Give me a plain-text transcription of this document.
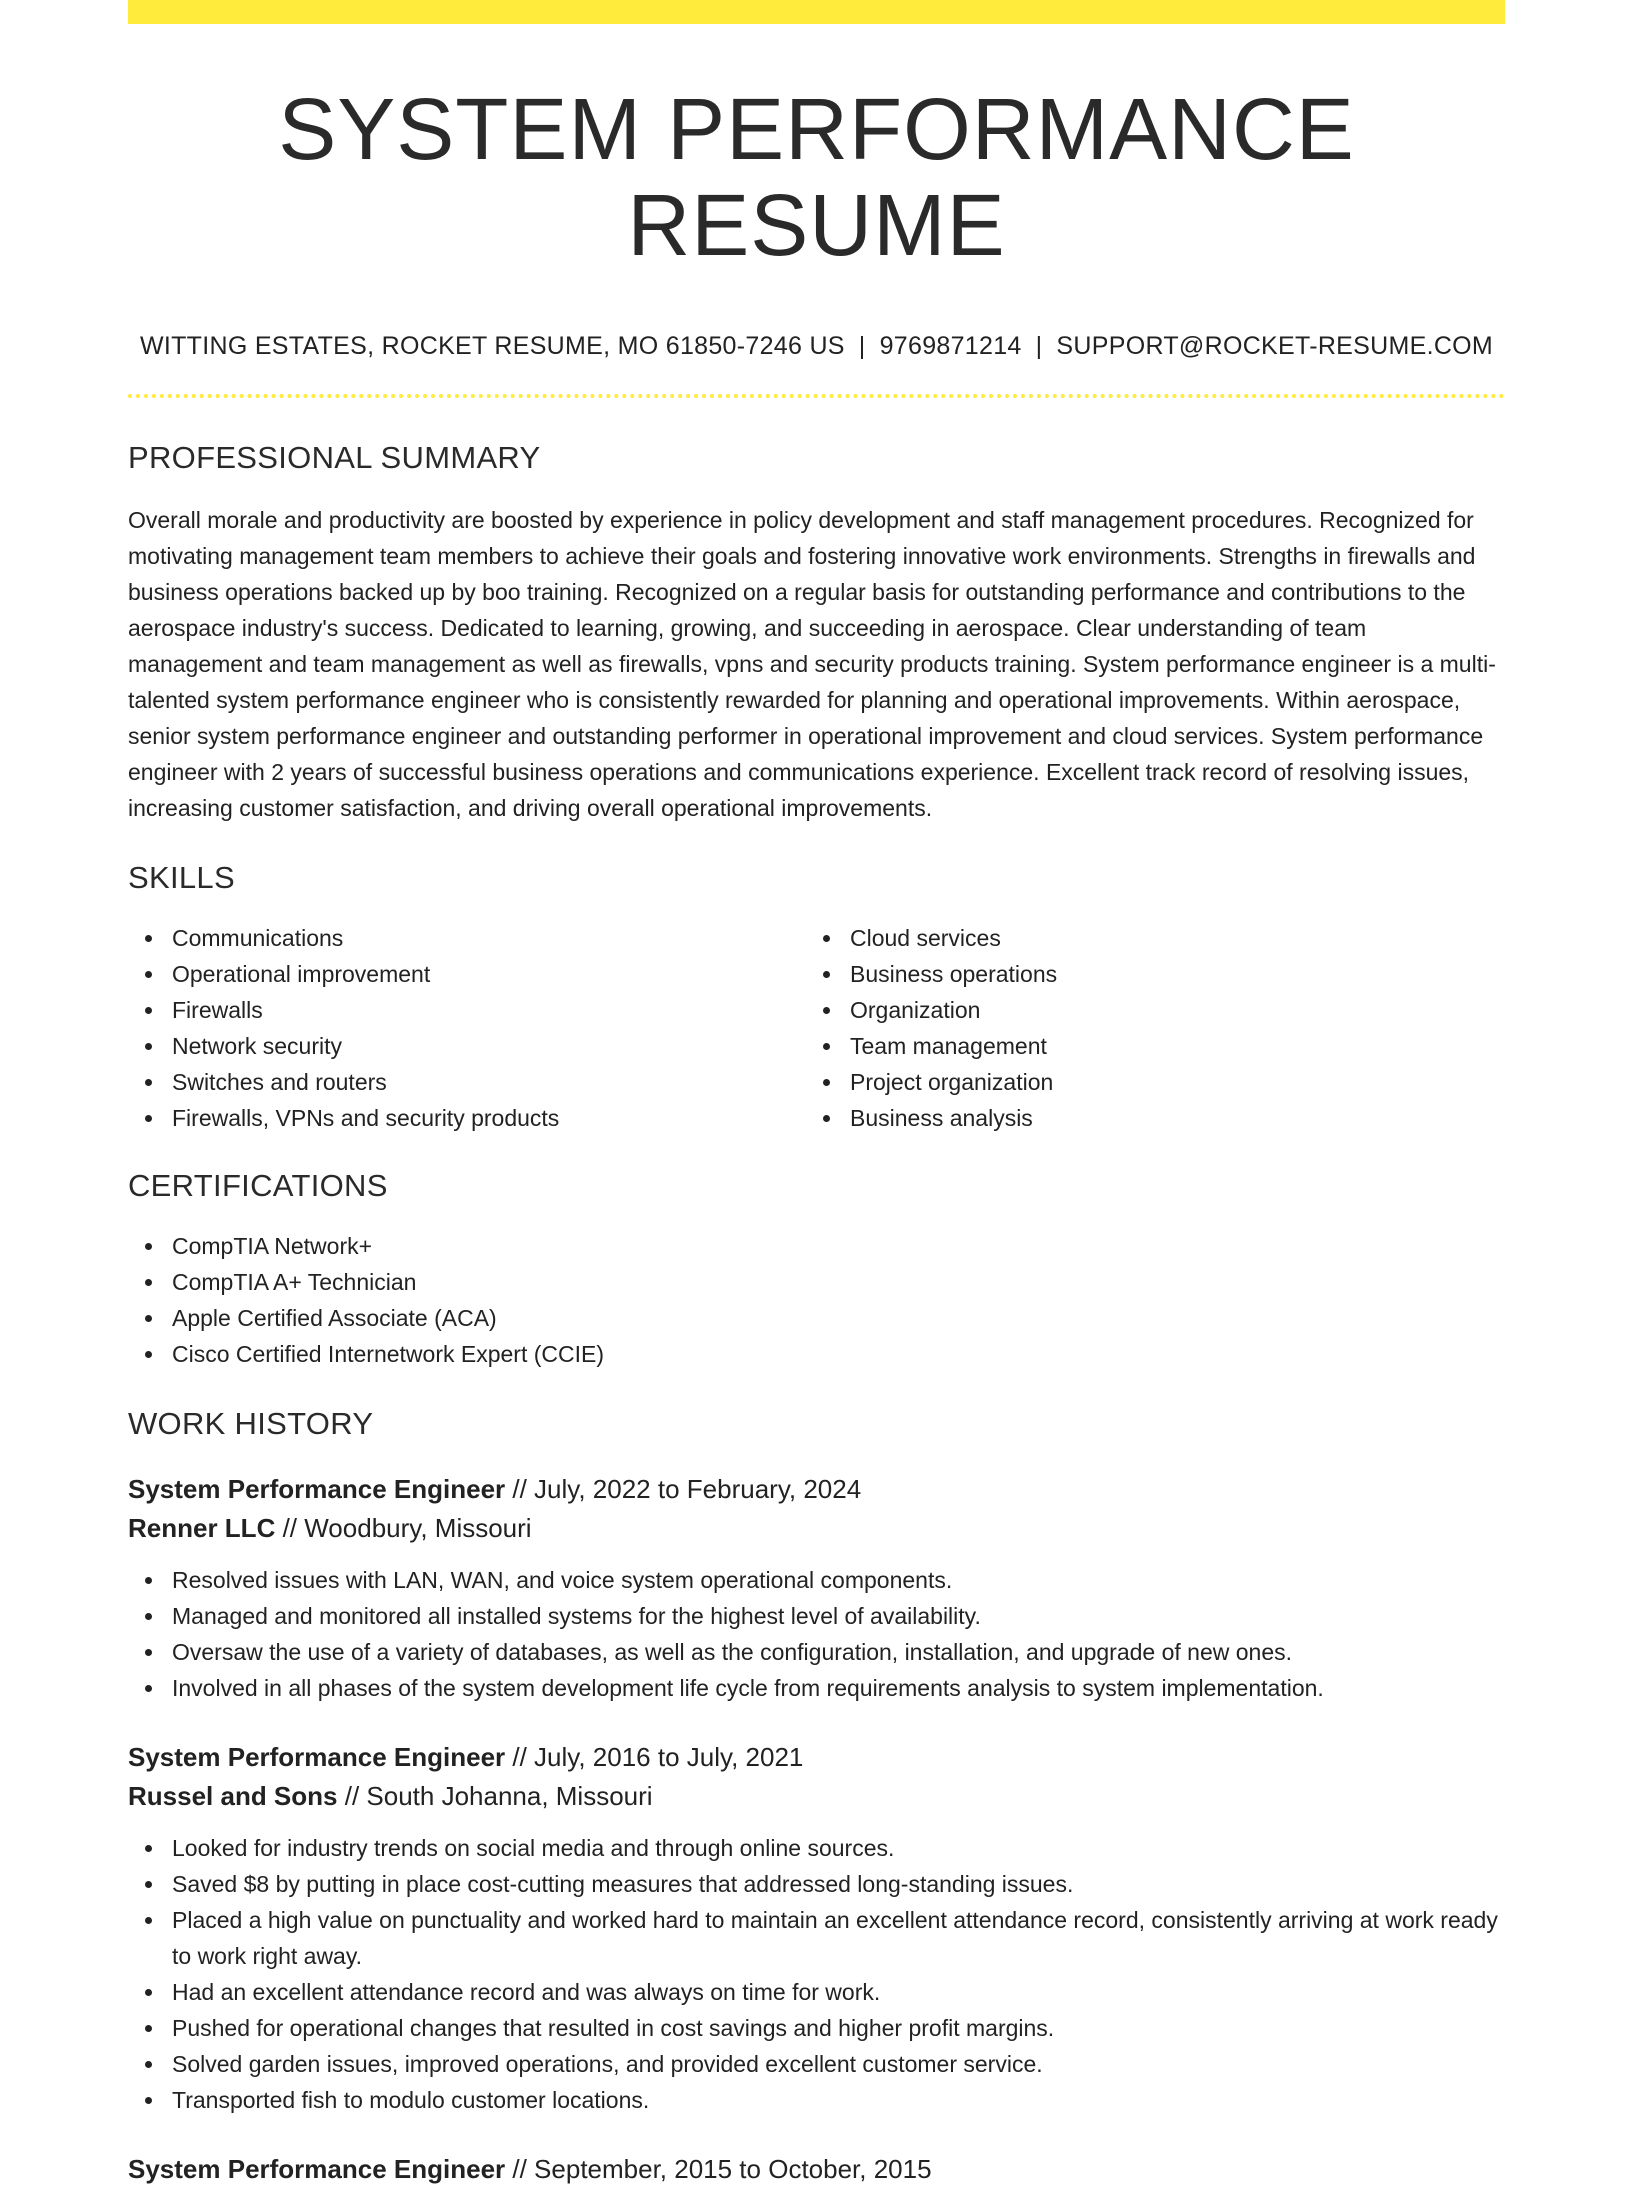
SYSTEM PERFORMANCE RESUME
WITTING ESTATES, ROCKET RESUME, MO 61850-7246 US | 9769871214 | SUPPORT@ROCKET-RESUME.COM
PROFESSIONAL SUMMARY

Overall morale and productivity are boosted by experience in policy development and staff management procedures. Recognized for motivating management team members to achieve their goals and fostering innovative work environments. Strengths in firewalls and business operations backed up by boo training. Recognized on a regular basis for outstanding performance and contributions to the aerospace industry's success. Dedicated to learning, growing, and succeeding in aerospace. Clear understanding of team management and team management as well as firewalls, vpns and security products training. System performance engineer is a multi-talented system performance engineer who is consistently rewarded for planning and operational improvements. Within aerospace, senior system performance engineer and outstanding performer in operational improvement and cloud services. System performance engineer with 2 years of successful business operations and communications experience. Excellent track record of resolving issues, increasing customer satisfaction, and driving overall operational improvements.

SKILLS
Communications
Operational improvement
Firewalls
Network security
Switches and routers
Firewalls, VPNs and security products
Cloud services
Business operations
Organization
Team management
Project organization
Business analysis
CERTIFICATIONS
CompTIA Network+
CompTIA A+ Technician
Apple Certified Associate (ACA)
Cisco Certified Internetwork Expert (CCIE)
WORK HISTORY
System Performance Engineer // July, 2022 to February, 2024
Renner LLC // Woodbury, Missouri
Resolved issues with LAN, WAN, and voice system operational components.
Managed and monitored all installed systems for the highest level of availability.
Oversaw the use of a variety of databases, as well as the configuration, installation, and upgrade of new ones.
Involved in all phases of the system development life cycle from requirements analysis to system implementation.
System Performance Engineer // July, 2016 to July, 2021
Russel and Sons // South Johanna, Missouri
Looked for industry trends on social media and through online sources.
Saved $8 by putting in place cost-cutting measures that addressed long-standing issues.
Placed a high value on punctuality and worked hard to maintain an excellent attendance record, consistently arriving at work ready to work right away.
Had an excellent attendance record and was always on time for work.
Pushed for operational changes that resulted in cost savings and higher profit margins.
Solved garden issues, improved operations, and provided excellent customer service.
Transported fish to modulo customer locations.
System Performance Engineer // September, 2015 to October, 2015
